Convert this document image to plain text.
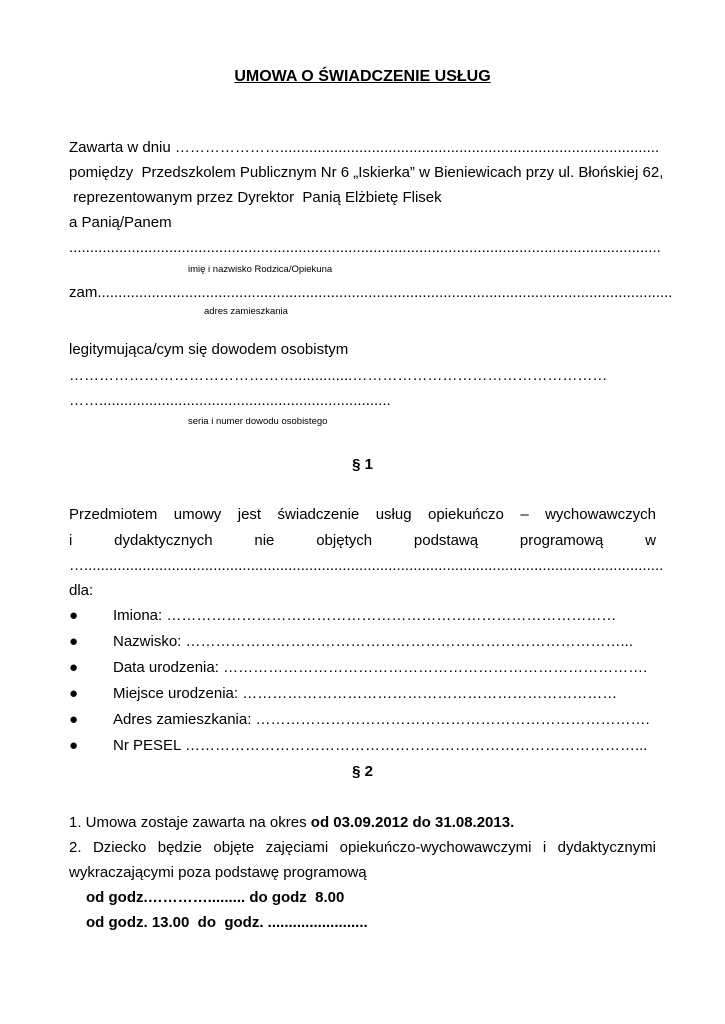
UMOWA O ŚWIADCZENIE USŁUG
Zawarta w dniu …………………...........................................................................................
pomiędzy  Przedszkolem Publicznym Nr 6 „Iskierka” w Bieniewicach przy ul. Błońskiej 62,
reprezentowanym przez Dyrektor  Panią Elżbietę Flisek
a Panią/Panem
..............................................................................................................................................
imię i nazwisko Rodzica/Opiekuna
zam..........................................................................................................................................
adres zamieszkania
legitymująca/cym się dowodem osobistym
………………………………………..............……………………………………………
……......................................................................
seria i numer dowodu osobistego
§ 1
Przedmiotem umowy jest świadczenie usług opiekuńczo – wychowawczych
i	dydaktycznych	nie	objętych	podstawą	programową	w
…...........................................................................................................................................
dla:
● Imiona: ………………………………………………………………………………
● Nazwisko: ……………………………………………………………………………...
● Data urodzenia: ………………………………………………………………………….
● Miejsce urodzenia: …………………………………………………………………
● Adres zamieszkania: …………………………………………………………………….
● Nr PESEL ………………………………………………………………………………...
§ 2
1. Umowa zostaje zawarta na okres od 03.09.2012 do 31.08.2013.
2. Dziecko będzie objęte zajęciami opiekuńczo-wychowawczymi i dydaktycznymi
wykraczającymi poza podstawę programową
od godz.…………......... do godz  8.00
od godz. 13.00  do  godz. ........................
